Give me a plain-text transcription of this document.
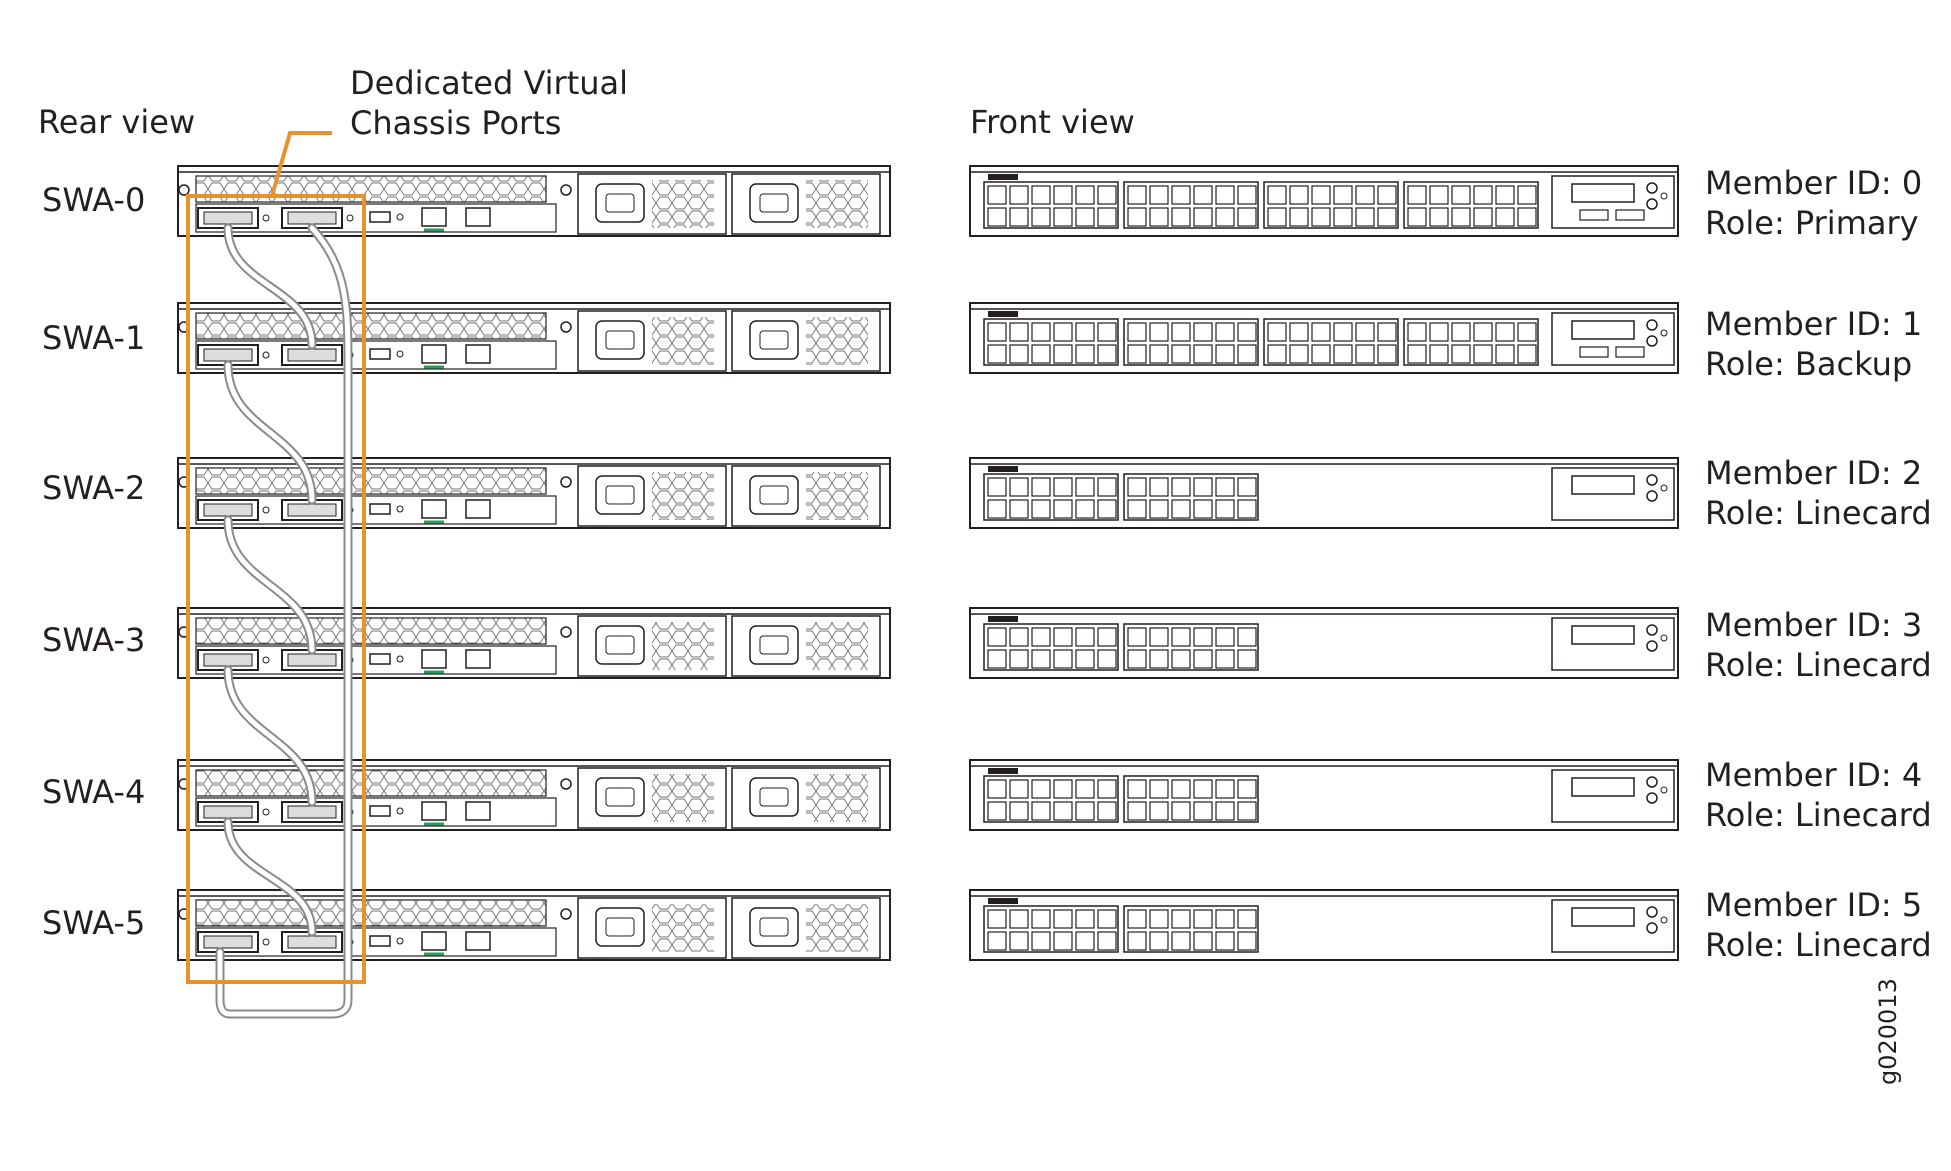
Rear view
Dedicated Virtual
Chassis Ports	Front view
SWA-0
SWA-1
SWA-2
SWA-3
SWA-4
SWA-5
Member ID: 0
Role: Primary
Member ID: 1
Role: Backup
Member ID: 2
Role: Linecard
Member ID: 3
Role: Linecard
Member ID: 4
Role: Linecard
Member ID: 5
Role: Linecard
g020013
